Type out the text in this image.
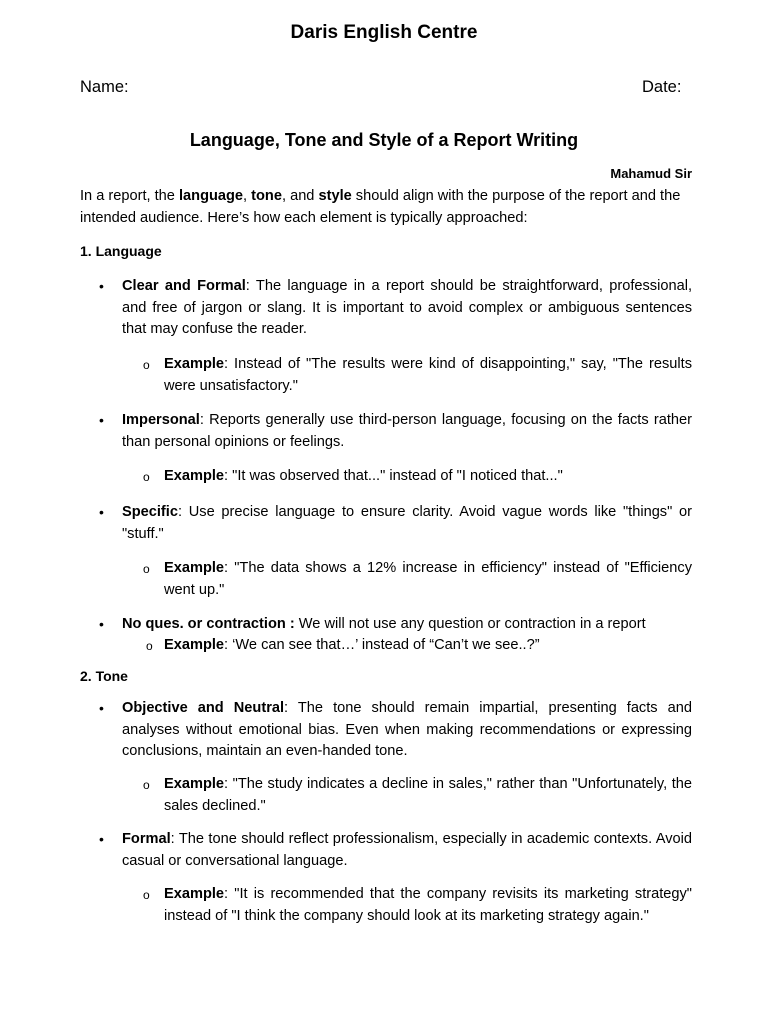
Daris English Centre
Name:	Date:
Language, Tone and Style of a Report Writing
Mahamud Sir
In a report, the language, tone, and style should align with the purpose of the report and the intended audience. Here’s how each element is typically approached:
1. Language
• Clear and Formal: The language in a report should be straightforward, professional, and free of jargon or slang. It is important to avoid complex or ambiguous sentences that may confuse the reader.
o Example: Instead of "The results were kind of disappointing," say, "The results were unsatisfactory."
• Impersonal: Reports generally use third-person language, focusing on the facts rather than personal opinions or feelings.
o Example: "It was observed that..." instead of "I noticed that..."
• Specific: Use precise language to ensure clarity. Avoid vague words like "things" or "stuff."
o Example: "The data shows a 12% increase in efficiency" instead of "Efficiency went up."
• No ques. or contraction : We will not use any question or contraction in a report
o Example: ‘We can see that…’ instead of “Can’t we see..?”
2. Tone
• Objective and Neutral: The tone should remain impartial, presenting facts and analyses without emotional bias. Even when making recommendations or expressing conclusions, maintain an even-handed tone.
o Example: "The study indicates a decline in sales," rather than "Unfortunately, the sales declined."
• Formal: The tone should reflect professionalism, especially in academic contexts. Avoid casual or conversational language.
o Example: "It is recommended that the company revisits its marketing strategy" instead of "I think the company should look at its marketing strategy again."
